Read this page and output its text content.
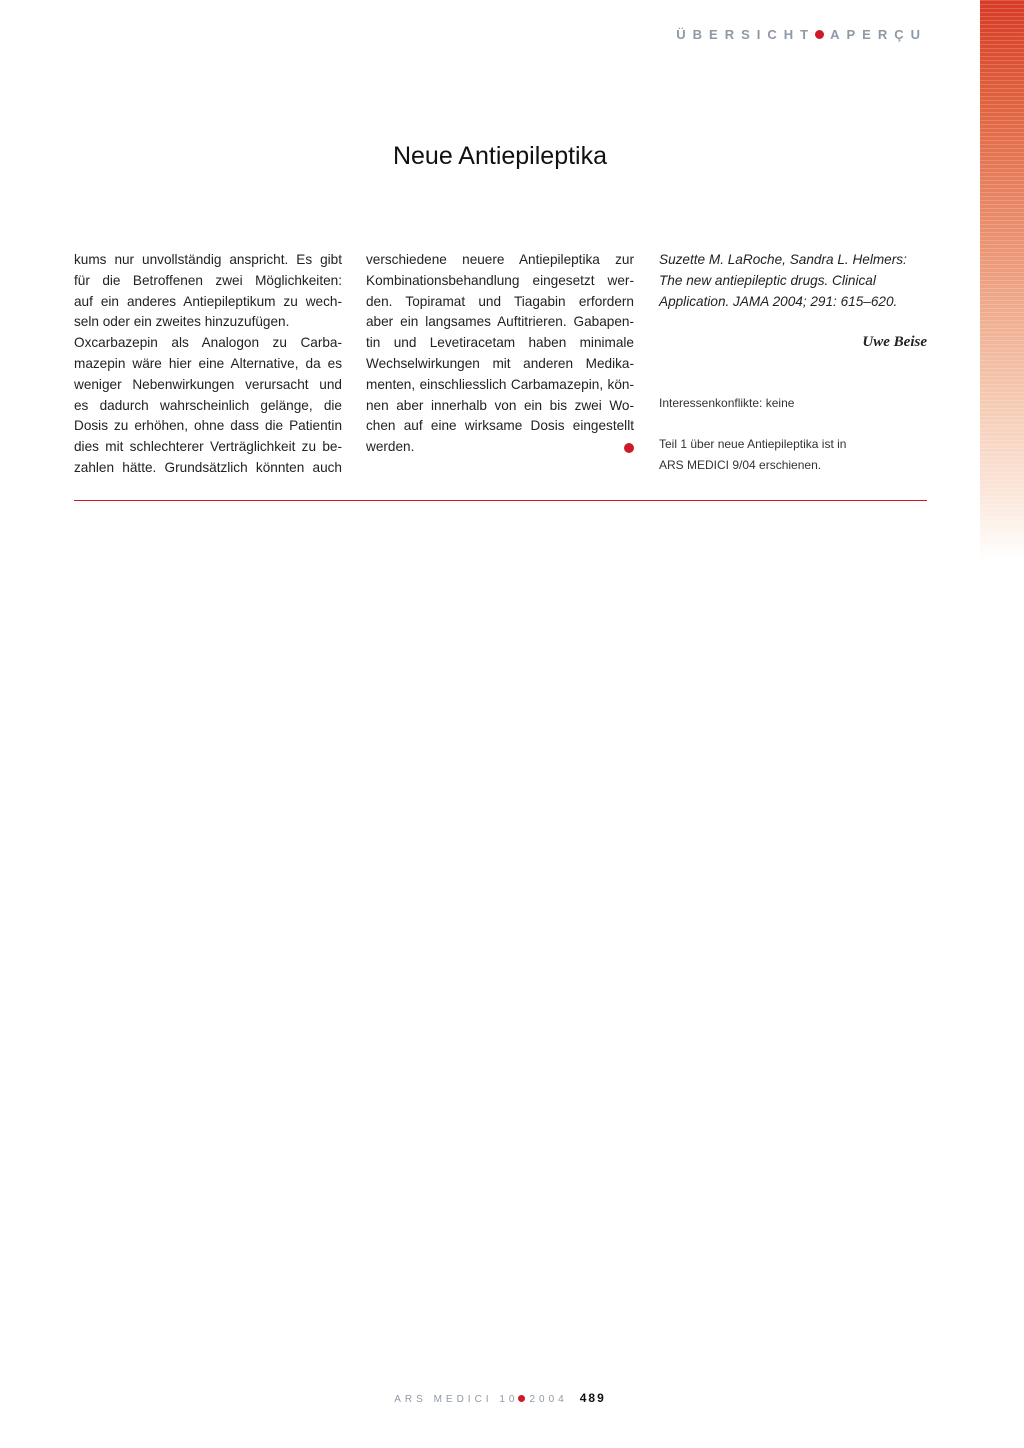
ÜBERSICHT APERÇU
Neue Antiepileptika
kums nur unvollständig anspricht. Es gibt
für die Betroffenen zwei Möglichkeiten:
auf ein anderes Antiepileptikum zu wech-
seln oder ein zweites hinzuzufügen.
Oxcarbazepin als Analogon zu Carba-
mazepin wäre hier eine Alternative, da es
weniger Nebenwirkungen verursacht und
es dadurch wahrscheinlich gelänge, die
Dosis zu erhöhen, ohne dass die Patientin
dies mit schlechterer Verträglichkeit zu be-
zahlen hätte. Grundsätzlich könnten auch
verschiedene neuere Antiepileptika zur
Kombinationsbehandlung eingesetzt wer-
den. Topiramat und Tiagabin erfordern
aber ein langsames Auftitrieren. Gabapen-
tin und Levetiracetam haben minimale
Wechselwirkungen mit anderen Medika-
menten, einschliesslich Carbamazepin, kön-
nen aber innerhalb von ein bis zwei Wo-
chen auf eine wirksame Dosis eingestellt
werden.
Suzette M. LaRoche, Sandra L. Helmers:
The new antiepileptic drugs. Clinical
Application. JAMA 2004; 291: 615–620.
Uwe Beise
Interessenkonflikte: keine
Teil 1 über neue Antiepileptika ist in
ARS MEDICI 9/04 erschienen.
ARS MEDICI 10 2004 489
